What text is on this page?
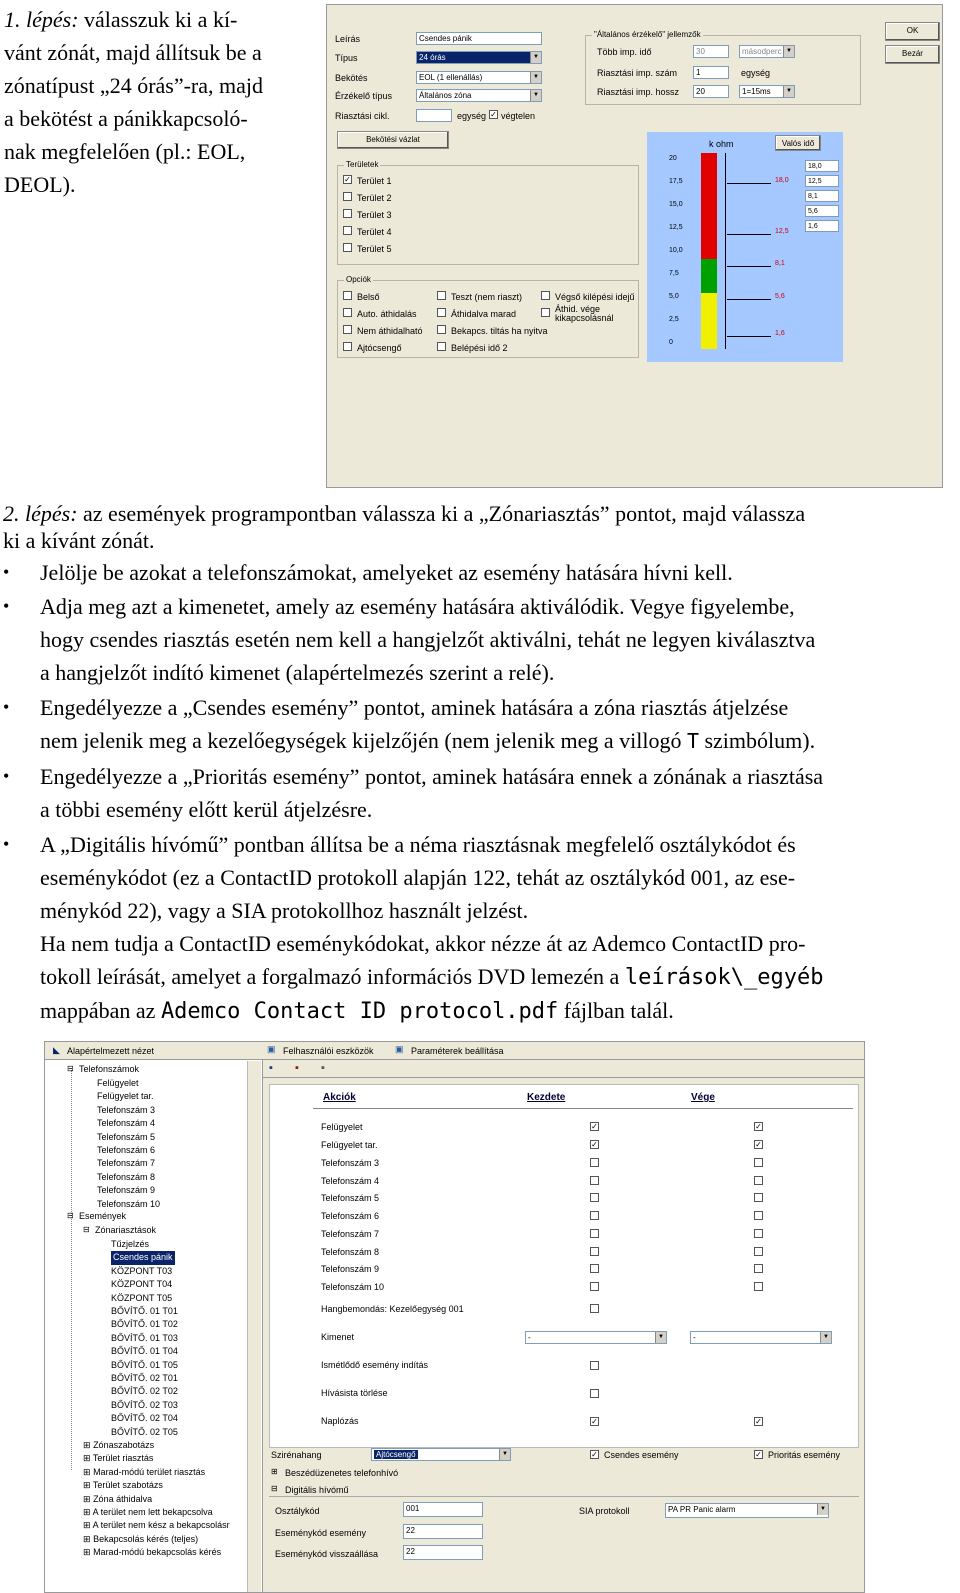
1. lépés: válasszuk ki a kí-
vánt zónát, majd állítsuk be a
zónatípust „24 órás”-ra, majd
a bekötést a pánikkapcsoló-
nak megfelelően (pl.: EOL,
DEOL).
Leírás	Csendes pánik
Típus	24 órás	▼
Bekötés	EOL (1 ellenállás)	▼
Érzékelő típus	Általános zóna	▼
Riasztási cikl.	egység ✓ végtelen
Bekötési vázlat
"Általános érzékelő" jellemzők
Több imp. idő	30	másodperc ▼
Riasztási imp. szám	1	egység
Riasztási imp. hossz	20	1=15ms	▼
OK
Bezár
Területek
✓ Terület 1
Terület 2
Terület 3
Terület 4
Terület 5
Opciók
Belső
Auto. áthidalás
Nem áthidalható
Ajtócsengő
Teszt (nem riaszt)
Áthidalva marad
Bekapcs. tiltás ha nyitva
Belépési idő 2
Végső kilépési idejű
Áthid. vége kikapcsolásnál
k ohm	Valós idő
20
17,5
15,0
12,5
10,0
7,5
5,0
2,5
0
18,0
12,5
8,1
5,6
1,6
18,0
12,5
8,1
5,6
1,6
2. lépés: az események programpontban válassza ki a „Zónariasztás” pontot, majd válassza
ki a kívánt zónát.
• Jelölje be azokat a telefonszámokat, amelyeket az esemény hatására hívni kell.
• Adja meg azt a kimenetet, amely az esemény hatására aktiválódik. Vegye figyelembe,
hogy csendes riasztás esetén nem kell a hangjelzőt aktiválni, tehát ne legyen kiválasztva
a hangjelzőt indító kimenet (alapértelmezés szerint a relé).
• Engedélyezze a „Csendes esemény” pontot, aminek hatására a zóna riasztás átjelzése
nem jelenik meg a kezelőegységek kijelzőjén (nem jelenik meg a villogó T szimbólum).
• Engedélyezze a „Prioritás esemény” pontot, aminek hatására ennek a zónának a riasztása
a többi esemény előtt kerül átjelzésre.
• A „Digitális hívómű” pontban állítsa be a néma riasztásnak megfelelő osztálykódot és
eseménykódot (ez a ContactID protokoll alapján 122, tehát az osztálykód 001, az ese-
ménykód 22), vagy a SIA protokollhoz használt jelzést.
Ha nem tudja a ContactID eseménykódokat, akkor nézze át az Ademco ContactID pro-
tokoll leírását, amelyet a forgalmazó információs DVD lemezén a leírások\_egyéb
mappában az Ademco Contact ID protocol.pdf fájlban talál.
◣ Alapértelmezett nézet
⊟ Telefonszámok
Felügyelet
Felügyelet tar.
Telefonszám 3
Telefonszám 4
Telefonszám 5
Telefonszám 6
Telefonszám 7
Telefonszám 8
Telefonszám 9
Telefonszám 10
⊟ Események
⊟ Zónariasztások
Tűzjelzés
Csendes pánik
KÖZPONT T03
KÖZPONT T04
KÖZPONT T05
BŐVÍTŐ. 01 T01
BŐVÍTŐ. 01 T02
BŐVÍTŐ. 01 T03
BŐVÍTŐ. 01 T04
BŐVÍTŐ. 01 T05
BŐVÍTŐ. 02 T01
BŐVÍTŐ. 02 T02
BŐVÍTŐ. 02 T03
BŐVÍTŐ. 02 T04
BŐVÍTŐ. 02 T05
⊞ Zónaszabotázs
⊞ Terület riasztás
⊞ Marad-módú terület riasztás
⊞ Terület szabotázs
⊞ Zóna áthidalva
⊞ A terület nem lett bekapcsolva
⊞ A terület nem kész a bekapcsolásr
⊞ Bekapcsolás kérés (teljes)
⊞ Marad-módú bekapcsolás kérés
▣ Felhasználói eszközök ▣ Paraméterek beállítása
▪ ▪ ▪
Akciók	Kezdete	Vége
Felügyelet	✓	✓
Felügyelet tar.	✓	✓
Telefonszám 3
Telefonszám 4
Telefonszám 5
Telefonszám 6
Telefonszám 7
Telefonszám 8
Telefonszám 9
Telefonszám 10
Hangbemondás: Kezelőegység 001
Kimenet	-	▼	-	▼
Ismétlődő esemény indítás
Hívásista törlése
Naplózás	✓	✓
Szirénahang	Ajtócsengő	▼	✓ Csendes esemény	✓ Prioritás esemény
⊞ Beszédüzenetes telefonhívó
⊟ Digitális hívómű
Osztálykód	001	SIA protokoll	PA PR Panic alarm	▼
Eseménykód esemény	22
Eseménykód visszaállása	22
